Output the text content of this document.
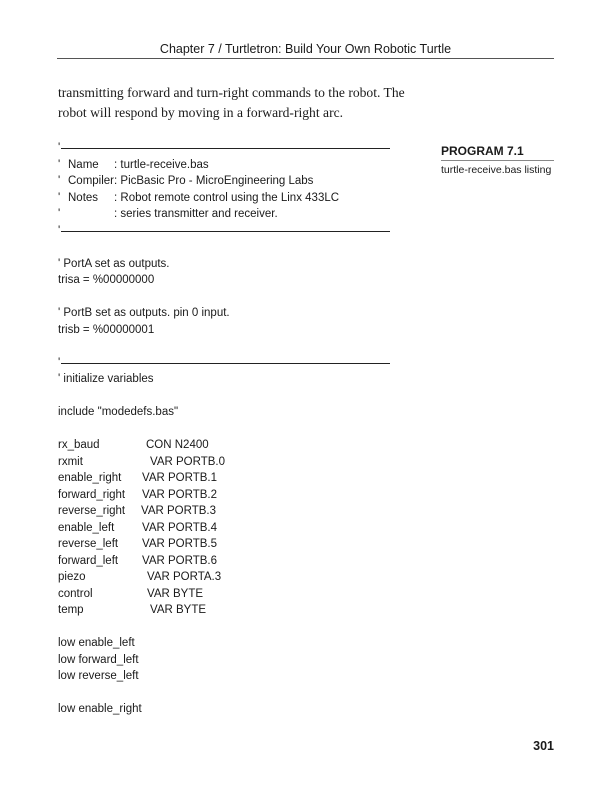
Chapter 7 / Turtletron: Build Your Own Robotic Turtle
transmitting forward and turn-right commands to the robot. The
robot will respond by moving in a forward-right arc.
PROGRAM 7.1
turtle-receive.bas listing
'
' Name : turtle-receive.bas
' Compiler: PicBasic Pro - MicroEngineering Labs
' Notes : Robot remote control using the Linx 433LC
'	: series transmitter and receiver.
'

' PortA set as outputs.
trisa = %00000000

' PortB set as outputs. pin 0 input.
trisb = %00000001

'
' initialize variables

include "modedefs.bas"

rx_baud	CON N2400
rxmit	VAR PORTB.0
enable_right VAR PORTB.1
forward_right VAR PORTB.2
reverse_right VAR PORTB.3
enable_left VAR PORTB.4
reverse_left VAR PORTB.5
forward_left VAR PORTB.6
piezo	VAR PORTA.3
control	VAR BYTE
temp	VAR BYTE

low enable_left
low forward_left
low reverse_left

low enable_right
301
